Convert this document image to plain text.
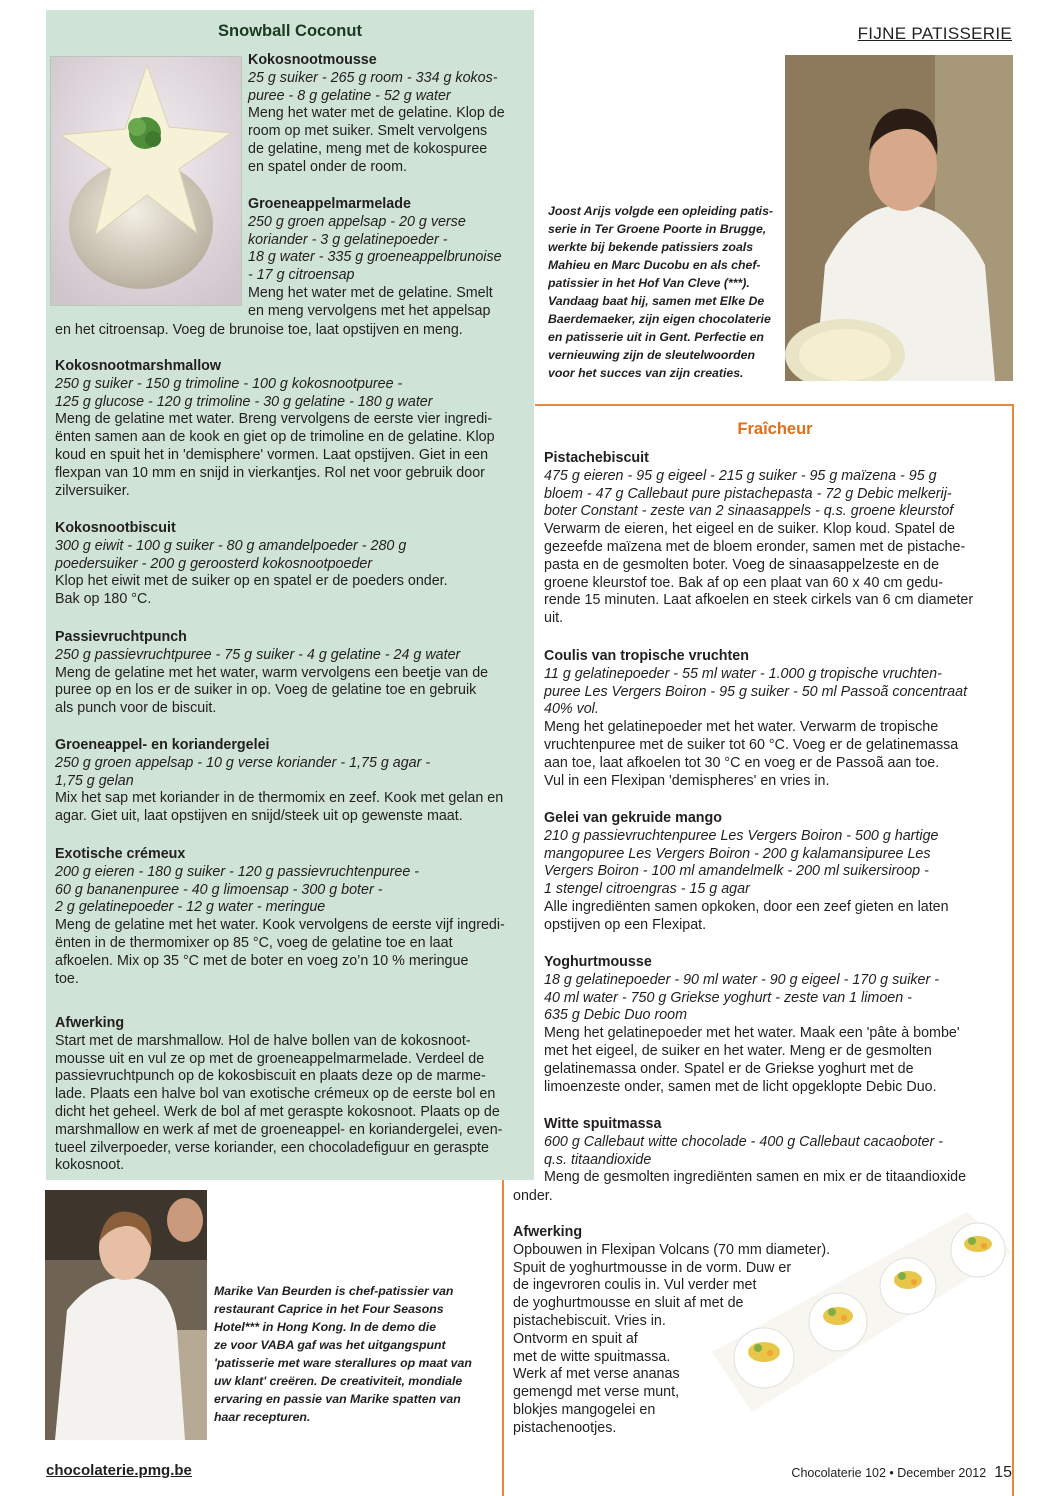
Snowball Coconut

Kokosnootmousse

25 g suiker - 265 g room - 334 g kokos-

puree - 8 g gelatine - 52 g water

Meng het water met de gelatine. Klop de

room op met suiker. Smelt vervolgens

de gelatine, meng met de kokospuree

en spatel onder de room.

Groeneappelmarmelade

250 g groen appelsap - 20 g verse

koriander - 3 g gelatinepoeder -

18 g water - 335 g groeneappelbrunoise

- 17 g citroensap

Meng het water met de gelatine. Smelt

en meng vervolgens met het appelsap

en het citroensap. Voeg de brunoise toe, laat opstijven en meng.

Kokosnootmarshmallow

250 g suiker - 150 g trimoline - 100 g kokosnootpuree -

125 g glucose - 120 g trimoline - 30 g gelatine - 180 g water

Meng de gelatine met water. Breng vervolgens de eerste vier ingredi-

ënten samen aan de kook en giet op de trimoline en de gelatine. Klop

koud en spuit het in 'demisphere' vormen. Laat opstijven. Giet in een

flexpan van 10 mm en snijd in vierkantjes. Rol net voor gebruik door

zilversuiker.

Kokosnootbiscuit

300 g eiwit - 100 g suiker - 80 g amandelpoeder - 280 g

poedersuiker - 200 g geroosterd kokosnootpoeder

Klop het eiwit met de suiker op en spatel er de poeders onder.

Bak op 180 °C.

Passievruchtpunch

250 g passievruchtpuree - 75 g suiker - 4 g gelatine - 24 g water

Meng de gelatine met het water, warm vervolgens een beetje van de

puree op en los er de suiker in op. Voeg de gelatine toe en gebruik

als punch voor de biscuit.

Groeneappel- en koriandergelei

250 g groen appelsap - 10 g verse koriander - 1,75 g agar -

1,75 g gelan

Mix het sap met koriander in de thermomix en zeef. Kook met gelan en

agar. Giet uit, laat opstijven en snijd/steek uit op gewenste maat.

Exotische crémeux

200 g eieren - 180 g suiker - 120 g passievruchtenpuree -

60 g bananenpuree - 40 g limoensap - 300 g boter -

2 g gelatinepoeder - 12 g water - meringue

Meng de gelatine met het water. Kook vervolgens de eerste vijf ingredi-

ënten in de thermomixer op 85 °C, voeg de gelatine toe en laat

afkoelen. Mix op 35 °C met de boter en voeg zo’n 10 % meringue

toe.

Afwerking

Start met de marshmallow. Hol de halve bollen van de kokosnoot-

mousse uit en vul ze op met de groeneappelmarmelade. Verdeel de

passievruchtpunch op de kokosbiscuit en plaats deze op de marme-

lade. Plaats een halve bol van exotische crémeux op de eerste bol en

dicht het geheel. Werk de bol af met geraspte kokosnoot. Plaats op de

marshmallow en werk af met de groeneappel- en koriandergelei, even-

tueel zilverpoeder, verse koriander, een chocoladefiguur en geraspte

kokosnoot.

FIJNE PATISSERIE

Joost Arijs volgde een opleiding patis-

serie in Ter Groene Poorte in Brugge,

werkte bij bekende patissiers zoals

Mahieu en Marc Ducobu en als chef-

patissier in het Hof Van Cleve (***).

Vandaag baat hij, samen met Elke De

Baerdemaeker, zijn eigen chocolaterie

en patisserie uit in Gent. Perfectie en

vernieuwing zijn de sleutelwoorden

voor het succes van zijn creaties.

Fraîcheur

Pistachebiscuit

475 g eieren - 95 g eigeel - 215 g suiker - 95 g maïzena - 95 g

bloem - 47 g Callebaut pure pistachepasta - 72 g Debic melkerij-

boter Constant - zeste van 2 sinaasappels - q.s. groene kleurstof

Verwarm de eieren, het eigeel en de suiker. Klop koud. Spatel de

gezeefde maïzena met de bloem eronder, samen met de pistache-

pasta en de gesmolten boter. Voeg de sinaasappelzeste en de

groene kleurstof toe. Bak af op een plaat van 60 x 40 cm gedu-

rende 15 minuten. Laat afkoelen en steek cirkels van 6 cm diameter

uit.

Coulis van tropische vruchten

11 g gelatinepoeder - 55 ml water - 1.000 g tropische vruchten-

puree Les Vergers Boiron - 95 g suiker - 50 ml Passoã concentraat

40% vol.

Meng het gelatinepoeder met het water. Verwarm de tropische

vruchtenpuree met de suiker tot 60 °C. Voeg er de gelatinemassa

aan toe, laat afkoelen tot 30 °C en voeg er de Passoã aan toe.

Vul in een Flexipan 'demispheres' en vries in.

Gelei van gekruide mango

210 g passievruchtenpuree Les Vergers Boiron - 500 g hartige

mangopuree Les Vergers Boiron - 200 g kalamansipuree Les

Vergers Boiron - 100 ml amandelmelk - 200 ml suikersiroop -

1 stengel citroengras - 15 g agar

Alle ingrediënten samen opkoken, door een zeef gieten en laten

opstijven op een Flexipat.

Yoghurtmousse

18 g gelatinepoeder - 90 ml water - 90 g eigeel - 170 g suiker -

40 ml water - 750 g Griekse yoghurt - zeste van 1 limoen -

635 g Debic Duo room

Meng het gelatinepoeder met het water. Maak een 'pâte à bombe'

met het eigeel, de suiker en het water. Meng er de gesmolten

gelatinemassa onder. Spatel er de Griekse yoghurt met de

limoenzeste onder, samen met de licht opgeklopte Debic Duo.

Witte spuitmassa

600 g Callebaut witte chocolade - 400 g Callebaut cacaoboter -

q.s. titaandioxide

Meng de gesmolten ingrediënten samen en mix er de titaandioxide

onder.

Afwerking

Opbouwen in Flexipan Volcans (70 mm diameter).

Spuit de yoghurtmousse in de vorm. Duw er

de ingevroren coulis in. Vul verder met

de yoghurtmousse en sluit af met de

pistachebiscuit. Vries in.

Ontvorm en spuit af

met de witte spuitmassa.

Werk af met verse ananas

gemengd met verse munt,

blokjes mangogelei en

pistachenootjes.

Marike Van Beurden is chef-patissier van

restaurant Caprice in het Four Seasons

Hotel*** in Hong Kong. In de demo die

ze voor VABA gaf was het uitgangspunt

'patisserie met ware sterallures op maat van

uw klant' creëren. De creativiteit, mondiale

ervaring en passie van Marike spatten van

haar recepturen.

chocolaterie.pmg.be	Chocolaterie 102 • December 2012 15
